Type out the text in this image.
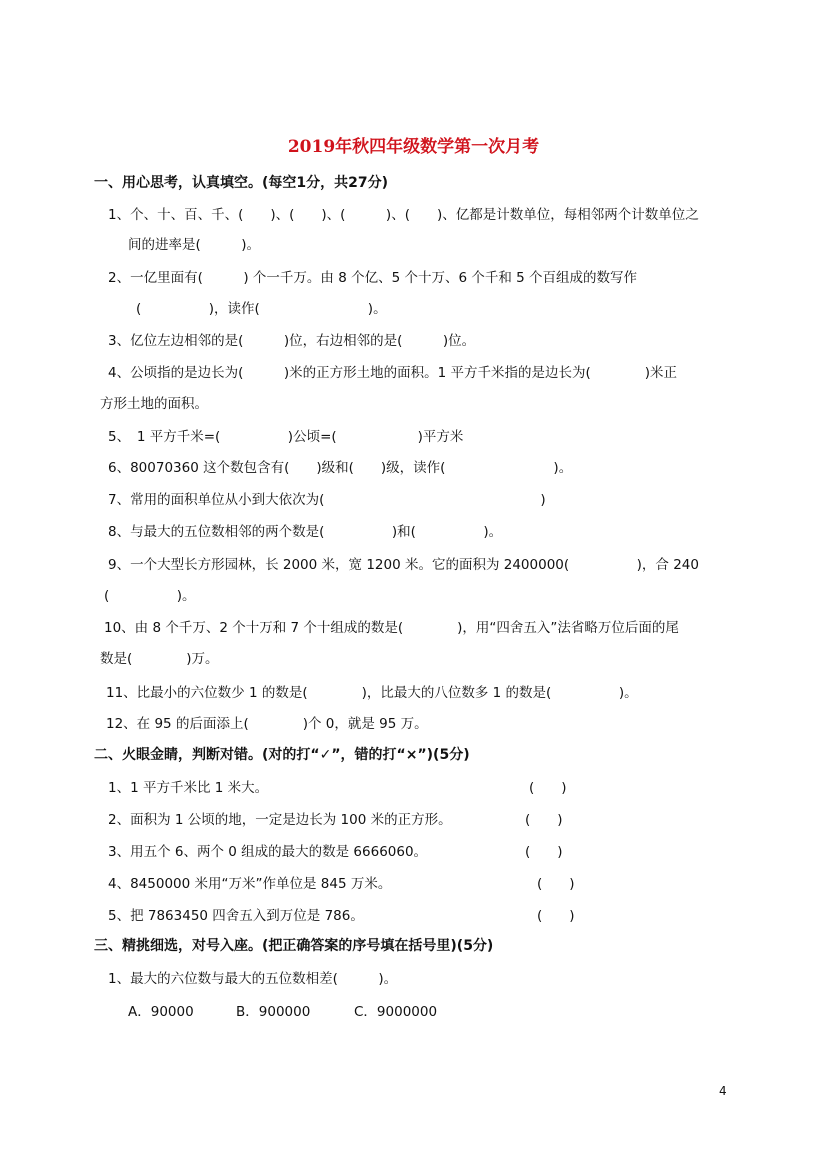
2019年秋四年级数学第一次月考
一、用心思考，认真填空。(每空1分，共27分)
1、个、十、百、千、(　　)、(　　)、(　　　)、(　　)、亿都是计数单位，每相邻两个计数单位之
间的进率是(　　　)。
2、一亿里面有(　　　) 个一千万。由 8 个亿、5 个十万、6 个千和 5 个百组成的数写作
(　　　　　)，读作(　　　　　　　　)。
3、亿位左边相邻的是(　　　)位，右边相邻的是(　　　)位。
4、公顷指的是边长为(　　　)米的正方形土地的面积。1 平方千米指的是边长为(　　　　)米正
方形土地的面积。
5、　1 平方千米=(　　　　　)公顷=(　　　　　　)平方米
6、80070360 这个数包含有(　　)级和(　　)级，读作(　　　　　　　　)。
7、常用的面积单位从小到大依次为(　　　　　　　　　　　　　　　　)
8、与最大的五位数相邻的两个数是(　　　　　)和(　　　　　)。
9、一个大型长方形园林，长 2000 米，宽 1200 米。它的面积为 2400000(　　　　　)，合 240
(　　　　　)。
10、由 8 个千万、2 个十万和 7 个十组成的数是(　　　　)，用“四舍五入”法省略万位后面的尾
数是(　　　　)万。
11、比最小的六位数少 1 的数是(　　　　)，比最大的八位数多 1 的数是(　　　　　)。
12、在 95 的后面添上(　　　　)个 0，就是 95 万。
二、火眼金睛，判断对错。(对的打“✓”，错的打“×”)(5分)
1、1 平方千米比 1 米大。	(　　)
2、面积为 1 公顷的地，一定是边长为 100 米的正方形。	(　　)
3、用五个 6、两个 0 组成的最大的数是 6666060。	(　　)
4、8450000 米用“万米”作单位是 845 万米。	(　　)
5、把 7863450 四舍五入到万位是 786。	(　　)
三、精挑细选，对号入座。(把正确答案的序号填在括号里)(5分)
1、最大的六位数与最大的五位数相差(　　　)。
A．90000	B．900000	C．9000000
4
